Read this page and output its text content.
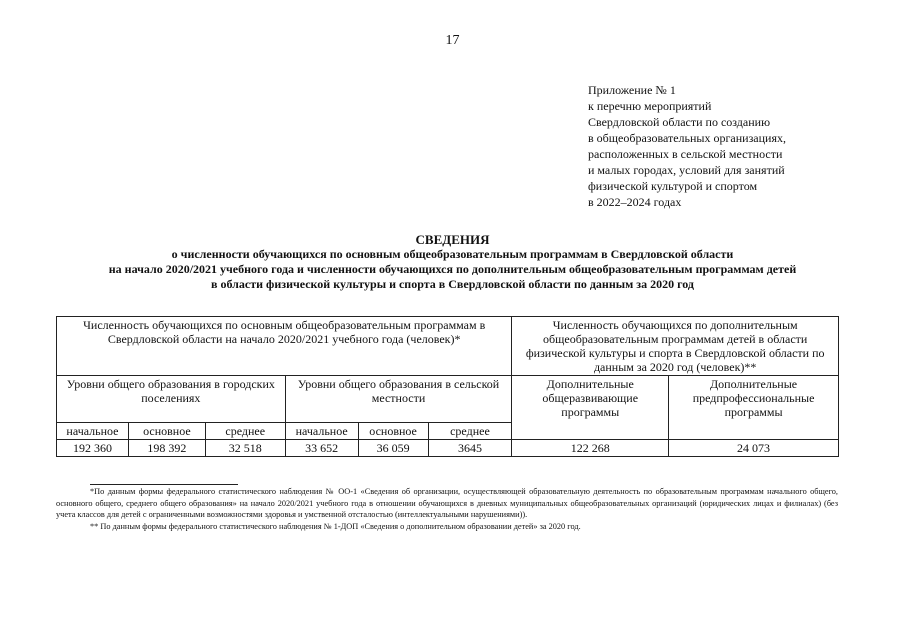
17
Приложение № 1
к перечню мероприятий
Свердловской области по созданию
в общеобразовательных организациях,
расположенных в сельской местности
и малых городах, условий для занятий
физической культурой и спортом
в 2022–2024 годах
СВЕДЕНИЯ
о численности обучающихся по основным общеобразовательным программам в Свердловской области
на начало 2020/2021 учебного года и численности обучающихся по дополнительным общеобразовательным программам детей
в области физической культуры и спорта в Свердловской области по данным за 2020 год
Численность обучающихся по основным общеобразовательным программам в Свердловской области на начало 2020/2021 учебного года (человек)*						Численность обучающихся по дополнительным общеобразовательным программам детей в области физической культуры и спорта в Свердловской области по данным за 2020 год (человек)**	
Уровни общего образования в городских поселениях			Уровни общего образования в сельской местности			Дополнительные общеразвивающие программы	Дополнительные предпрофессиональные программы
начальное	основное	среднее	начальное	основное	среднее		
192 360	198 392	32 518	33 652	36 059	3645	122 268	24 073

*По данным формы федерального статистического наблюдения № ОО-1 «Сведения об организации, осуществляющей образовательную деятельность по образовательным программам начального общего, основного общего, среднего общего образования» на начало 2020/2021 учебного года в отношении обучающихся в дневных муниципальных общеобразовательных организаций (юридических лицах и филиалах) (без учета классов для детей с ограниченными возможностями здоровья и умственной отсталостью (интеллектуальными нарушениями)).

** По данным формы федерального статистического наблюдения № 1-ДОП «Сведения о дополнительном образовании детей» за 2020 год.
